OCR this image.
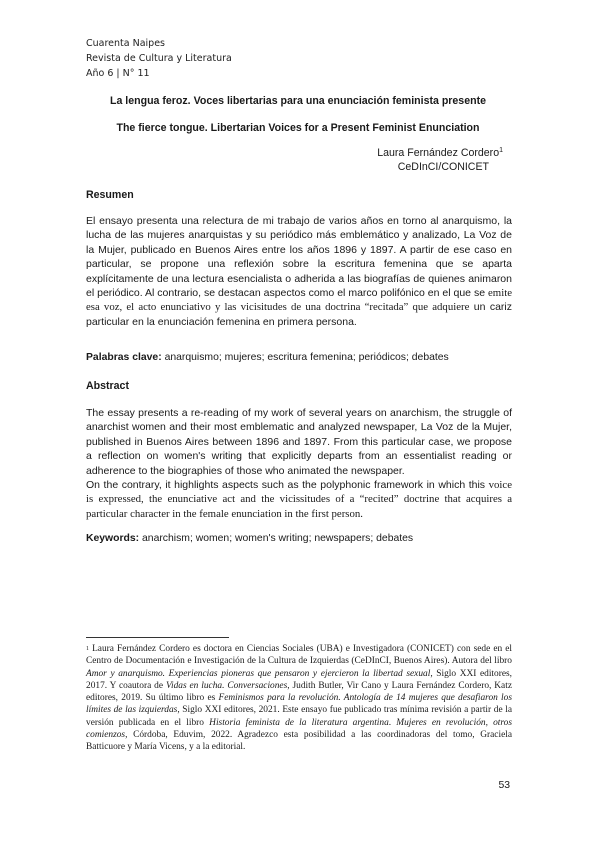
Cuarenta Naipes
Revista de Cultura y Literatura
Año 6 | N° 11
La lengua feroz. Voces libertarias para una enunciación feminista presente
The fierce tongue. Libertarian Voices for a Present Feminist Enunciation
Laura Fernández Cordero$^1$
CeDInCI/CONICET
Resumen

El ensayo presenta una relectura de mi trabajo de varios años en torno al anarquismo, la lucha de las mujeres anarquistas y su periódico más emblemático y analizado, La Voz de la Mujer, publicado en Buenos Aires entre los años 1896 y 1897. A partir de ese caso en particular, se propone una reflexión sobre la escritura femenina que se aparta explícitamente de una lectura esencialista o adherida a las biografías de quienes animaron el periódico. Al contrario, se destacan aspectos como el marco polifónico en el que se emite esa voz, el acto enunciativo y las vicisitudes de una doctrina “recitada” que adquiere un cariz particular en la enunciación femenina en primera persona.

Palabras clave: anarquismo; mujeres; escritura femenina; periódicos; debates
Abstract

The essay presents a re-reading of my work of several years on anarchism, the struggle of anarchist women and their most emblematic and analyzed newspaper, La Voz de la Mujer, published in Buenos Aires between 1896 and 1897. From this particular case, we propose a reflection on women's writing that explicitly departs from an essentialist reading or adherence to the biographies of those who animated the newspaper.

On the contrary, it highlights aspects such as the polyphonic framework in which this voice is expressed, the enunciative act and the vicissitudes of a “recited” doctrine that acquires a particular character in the female enunciation in the first person.

Keywords: anarchism; women; women's writing; newspapers; debates

$^1$ Laura Fernández Cordero es doctora en Ciencias Sociales (UBA) e Investigadora (CONICET) con sede en el Centro de Documentación e Investigación de la Cultura de Izquierdas (CeDInCI, Buenos Aires). Autora del libro Amor y anarquismo. Experiencias pioneras que pensaron y ejercieron la libertad sexual, Siglo XXI editores, 2017. Y coautora de Vidas en lucha. Conversaciones, Judith Butler, Vir Cano y Laura Fernández Cordero, Katz editores, 2019. Su último libro es Feminismos para la revolución. Antología de 14 mujeres que desafiaron los límites de las izquierdas, Siglo XXI editores, 2021. Este ensayo fue publicado tras mínima revisión a partir de la versión publicada en el libro Historia feminista de la literatura argentina. Mujeres en revolución, otros comienzos, Córdoba, Eduvim, 2022. Agradezco esta posibilidad a las coordinadoras del tomo, Graciela Batticuore y María Vicens, y a la editorial.

53
